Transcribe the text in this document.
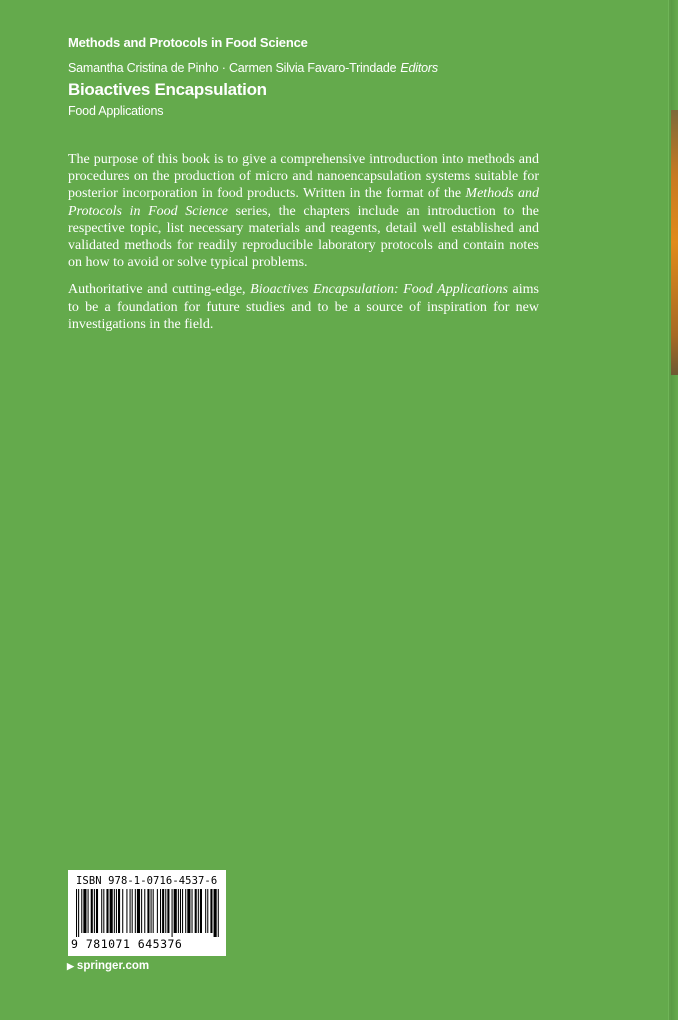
Methods and Protocols in Food Science
Samantha Cristina de Pinho · Carmen Silvia Favaro-Trindade Editors
Bioactives Encapsulation
Food Applications

The purpose of this book is to give a comprehensive introduction into methods and procedures on the production of micro and nanoencapsulation systems suitable for posterior incorporation in food products. Written in the format of the Methods and Protocols in Food Science series, the chapters include an introduction to the respective topic, list necessary materials and reagents, detail well established and validated methods for readily reproducible laboratory protocols and contain notes on how to avoid or solve typical problems.

Authoritative and cutting-edge, Bioactives Encapsulation: Food Applications aims to be a foundation for future studies and to be a source of inspiration for new investigations in the field.

ISBN 978-1-0716-4537-6
9 781071 645376
▶ springer.com
